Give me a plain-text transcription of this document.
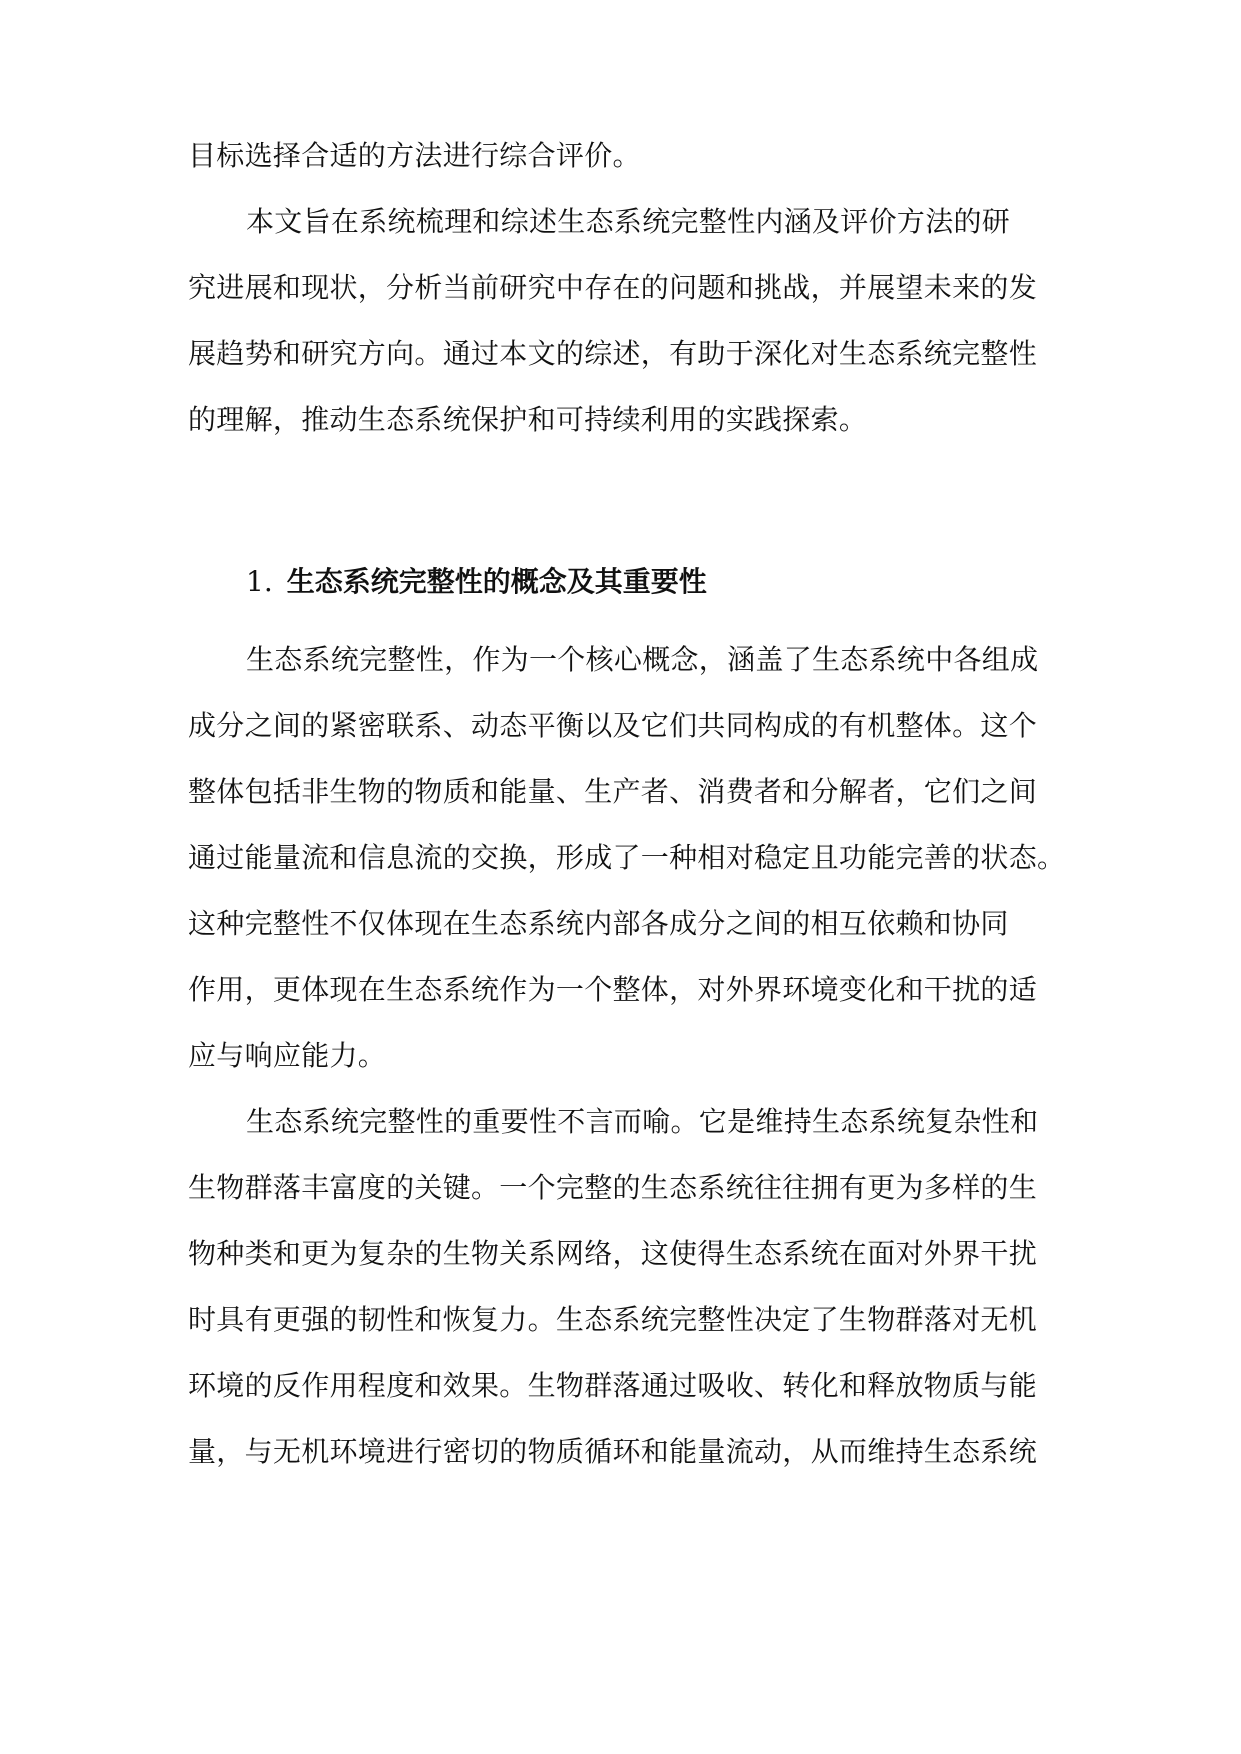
目标选择合适的方法进行综合评价。
本文旨在系统梳理和综述生态系统完整性内涵及评价方法的研
究进展和现状，分析当前研究中存在的问题和挑战，并展望未来的发
展趋势和研究方向。通过本文的综述，有助于深化对生态系统完整性
的理解，推动生态系统保护和可持续利用的实践探索。
1. 生态系统完整性的概念及其重要性
生态系统完整性，作为一个核心概念，涵盖了生态系统中各组成
成分之间的紧密联系、动态平衡以及它们共同构成的有机整体。这个
整体包括非生物的物质和能量、生产者、消费者和分解者，它们之间
通过能量流和信息流的交换，形成了一种相对稳定且功能完善的状态。
这种完整性不仅体现在生态系统内部各成分之间的相互依赖和协同
作用，更体现在生态系统作为一个整体，对外界环境变化和干扰的适
应与响应能力。
生态系统完整性的重要性不言而喻。它是维持生态系统复杂性和
生物群落丰富度的关键。一个完整的生态系统往往拥有更为多样的生
物种类和更为复杂的生物关系网络，这使得生态系统在面对外界干扰
时具有更强的韧性和恢复力。生态系统完整性决定了生物群落对无机
环境的反作用程度和效果。生物群落通过吸收、转化和释放物质与能
量，与无机环境进行密切的物质循环和能量流动，从而维持生态系统
